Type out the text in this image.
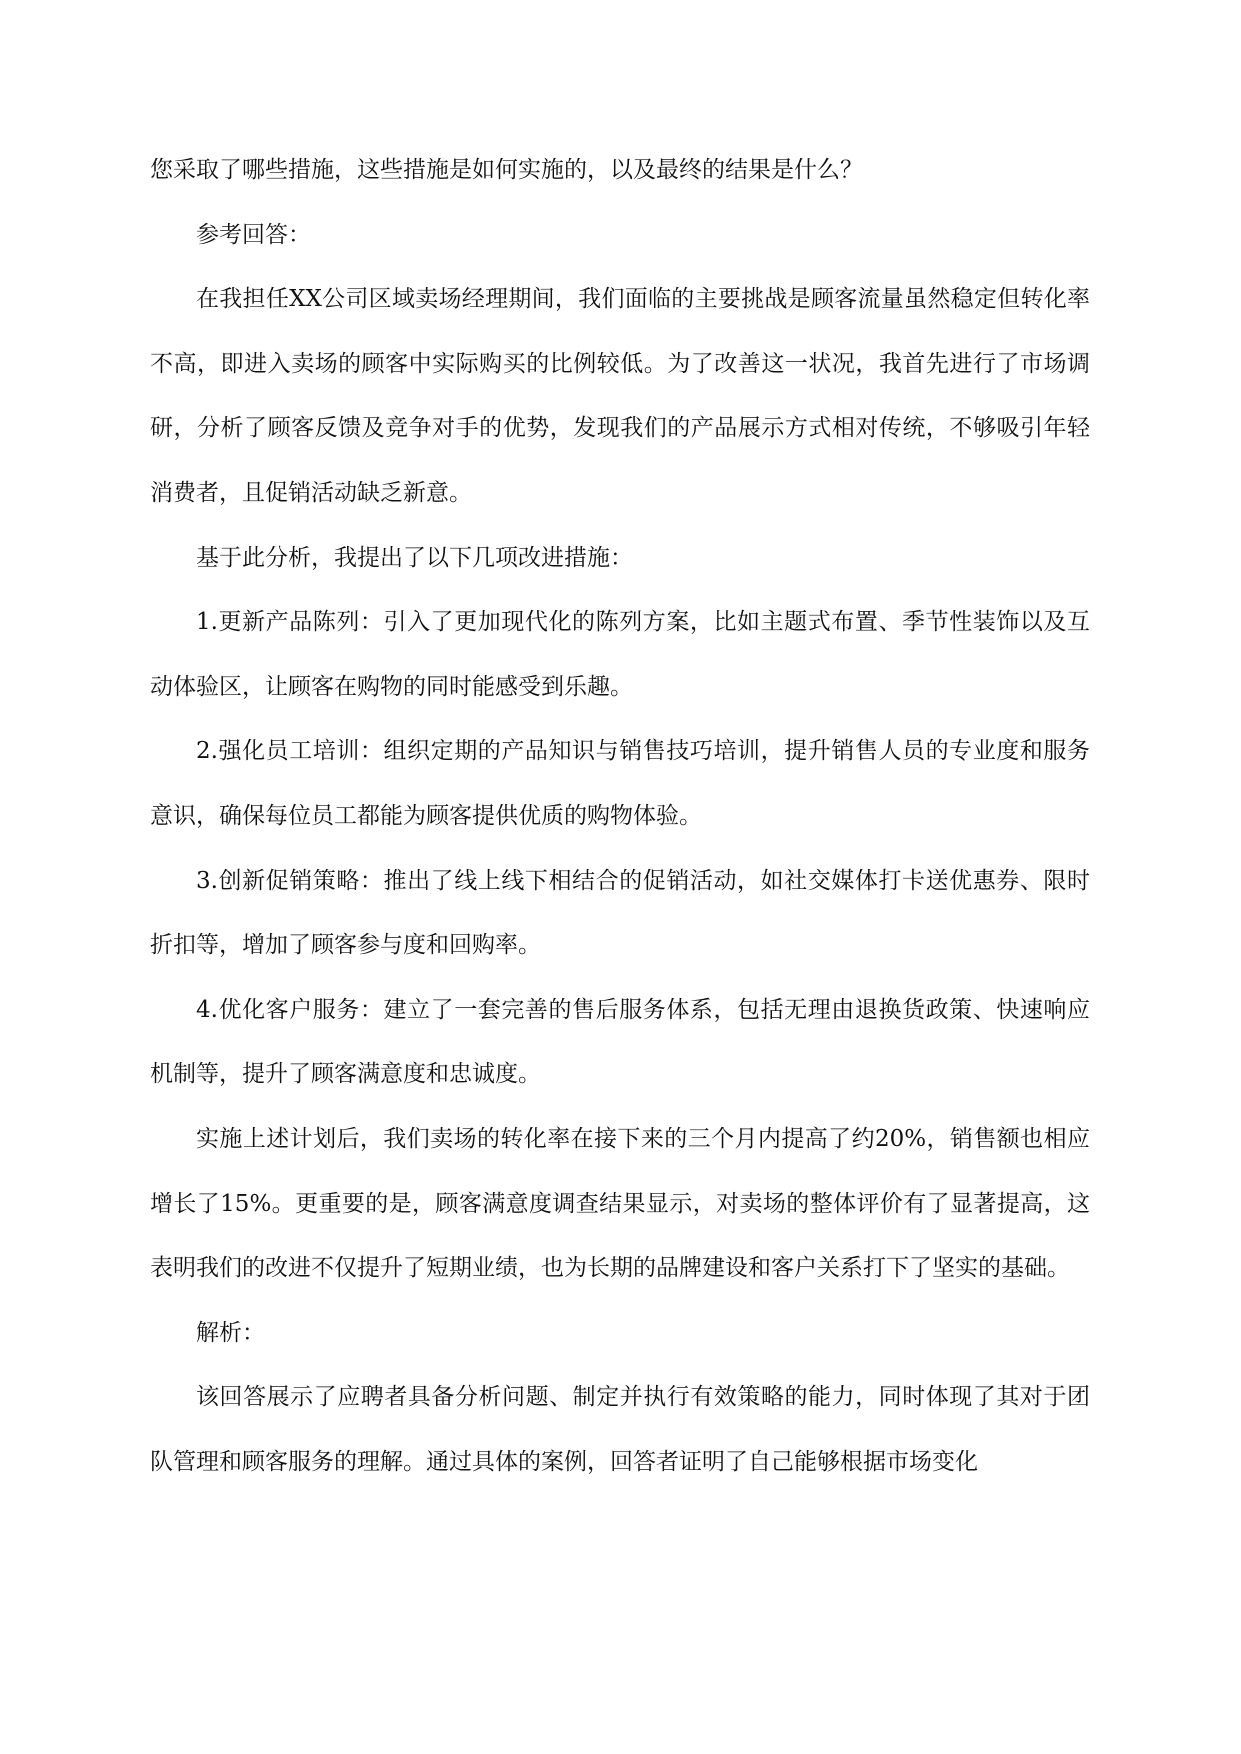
您采取了哪些措施，这些措施是如何实施的，以及最终的结果是什么？

参考回答：

在我担任XX公司区域卖场经理期间，我们面临的主要挑战是顾客流量虽然稳定但转化率不高，即进入卖场的顾客中实际购买的比例较低。为了改善这一状况，我首先进行了市场调研，分析了顾客反馈及竞争对手的优势，发现我们的产品展示方式相对传统，不够吸引年轻消费者，且促销活动缺乏新意。

基于此分析，我提出了以下几项改进措施：

1.更新产品陈列：引入了更加现代化的陈列方案，比如主题式布置、季节性装饰以及互动体验区，让顾客在购物的同时能感受到乐趣。

2.强化员工培训：组织定期的产品知识与销售技巧培训，提升销售人员的专业度和服务意识，确保每位员工都能为顾客提供优质的购物体验。

3.创新促销策略：推出了线上线下相结合的促销活动，如社交媒体打卡送优惠券、限时折扣等，增加了顾客参与度和回购率。

4.优化客户服务：建立了一套完善的售后服务体系，包括无理由退换货政策、快速响应机制等，提升了顾客满意度和忠诚度。

实施上述计划后，我们卖场的转化率在接下来的三个月内提高了约20%，销售额也相应增长了15%。更重要的是，顾客满意度调查结果显示，对卖场的整体评价有了显著提高，这表明我们的改进不仅提升了短期业绩，也为长期的品牌建设和客户关系打下了坚实的基础。

解析：

该回答展示了应聘者具备分析问题、制定并执行有效策略的能力，同时体现了其对于团队管理和顾客服务的理解。通过具体的案例，回答者证明了自己能够根据市场变化
